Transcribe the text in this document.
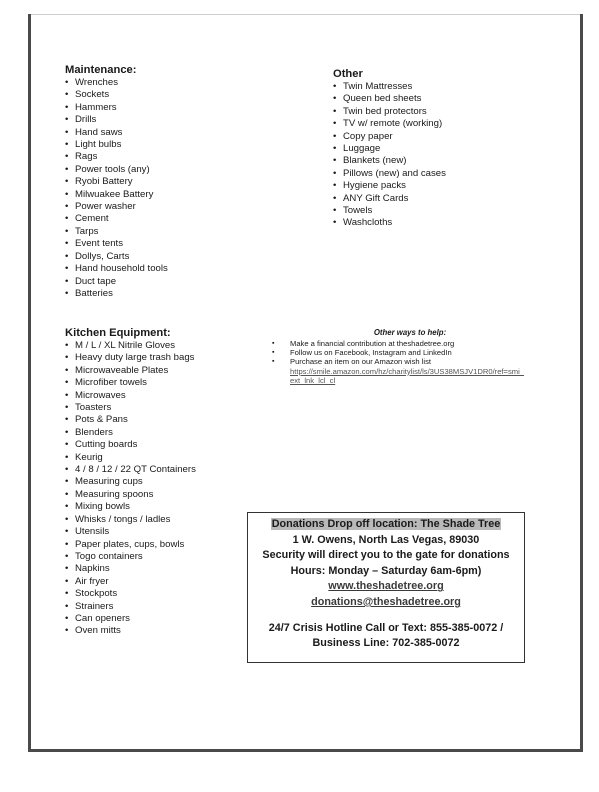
Maintenance:
• Wrenches
• Sockets
• Hammers
• Drills
• Hand saws
• Light bulbs
• Rags
• Power tools (any)
• Ryobi Battery
• Milwuakee Battery
• Power washer
• Cement
• Tarps
• Event tents
• Dollys, Carts
• Hand household tools
• Duct tape
• Batteries
Other
• Twin Mattresses
• Queen bed sheets
• Twin bed protectors
• TV w/ remote (working)
• Copy paper
• Luggage
• Blankets (new)
• Pillows (new) and cases
• Hygiene packs
• ANY Gift Cards
• Towels
• Washcloths
Kitchen Equipment:
• M / L / XL Nitrile Gloves
• Heavy duty large trash bags
• Microwaveable Plates
• Microfiber towels
• Microwaves
• Toasters
• Pots & Pans
• Blenders
• Cutting boards
• Keurig
• 4 / 8 / 12 / 22 QT Containers
• Measuring cups
• Measuring spoons
• Mixing bowls
• Whisks / tongs / ladles
• Utensils
• Paper plates, cups, bowls
• Togo containers
• Napkins
• Air fryer
• Stockpots
• Strainers
• Can openers
• Oven mitts
Other ways to help:
▪ Make a financial contribution at theshadetree.org
▪ Follow us on Facebook, Instagram and LinkedIn
▪ Purchase an item on our Amazon wish list
https://smile.amazon.com/hz/charitylist/ls/3US38MSJV1DR0/ref=smi_ext_lnk_lcl_cl
Donations Drop off location: The Shade Tree
1 W. Owens, North Las Vegas, 89030
Security will direct you to the gate for donations
Hours: Monday – Saturday 6am-6pm)
www.theshadetree.org
donations@theshadetree.org
24/7 Crisis Hotline Call or Text: 855-385-0072 /
Business Line: 702-385-0072
